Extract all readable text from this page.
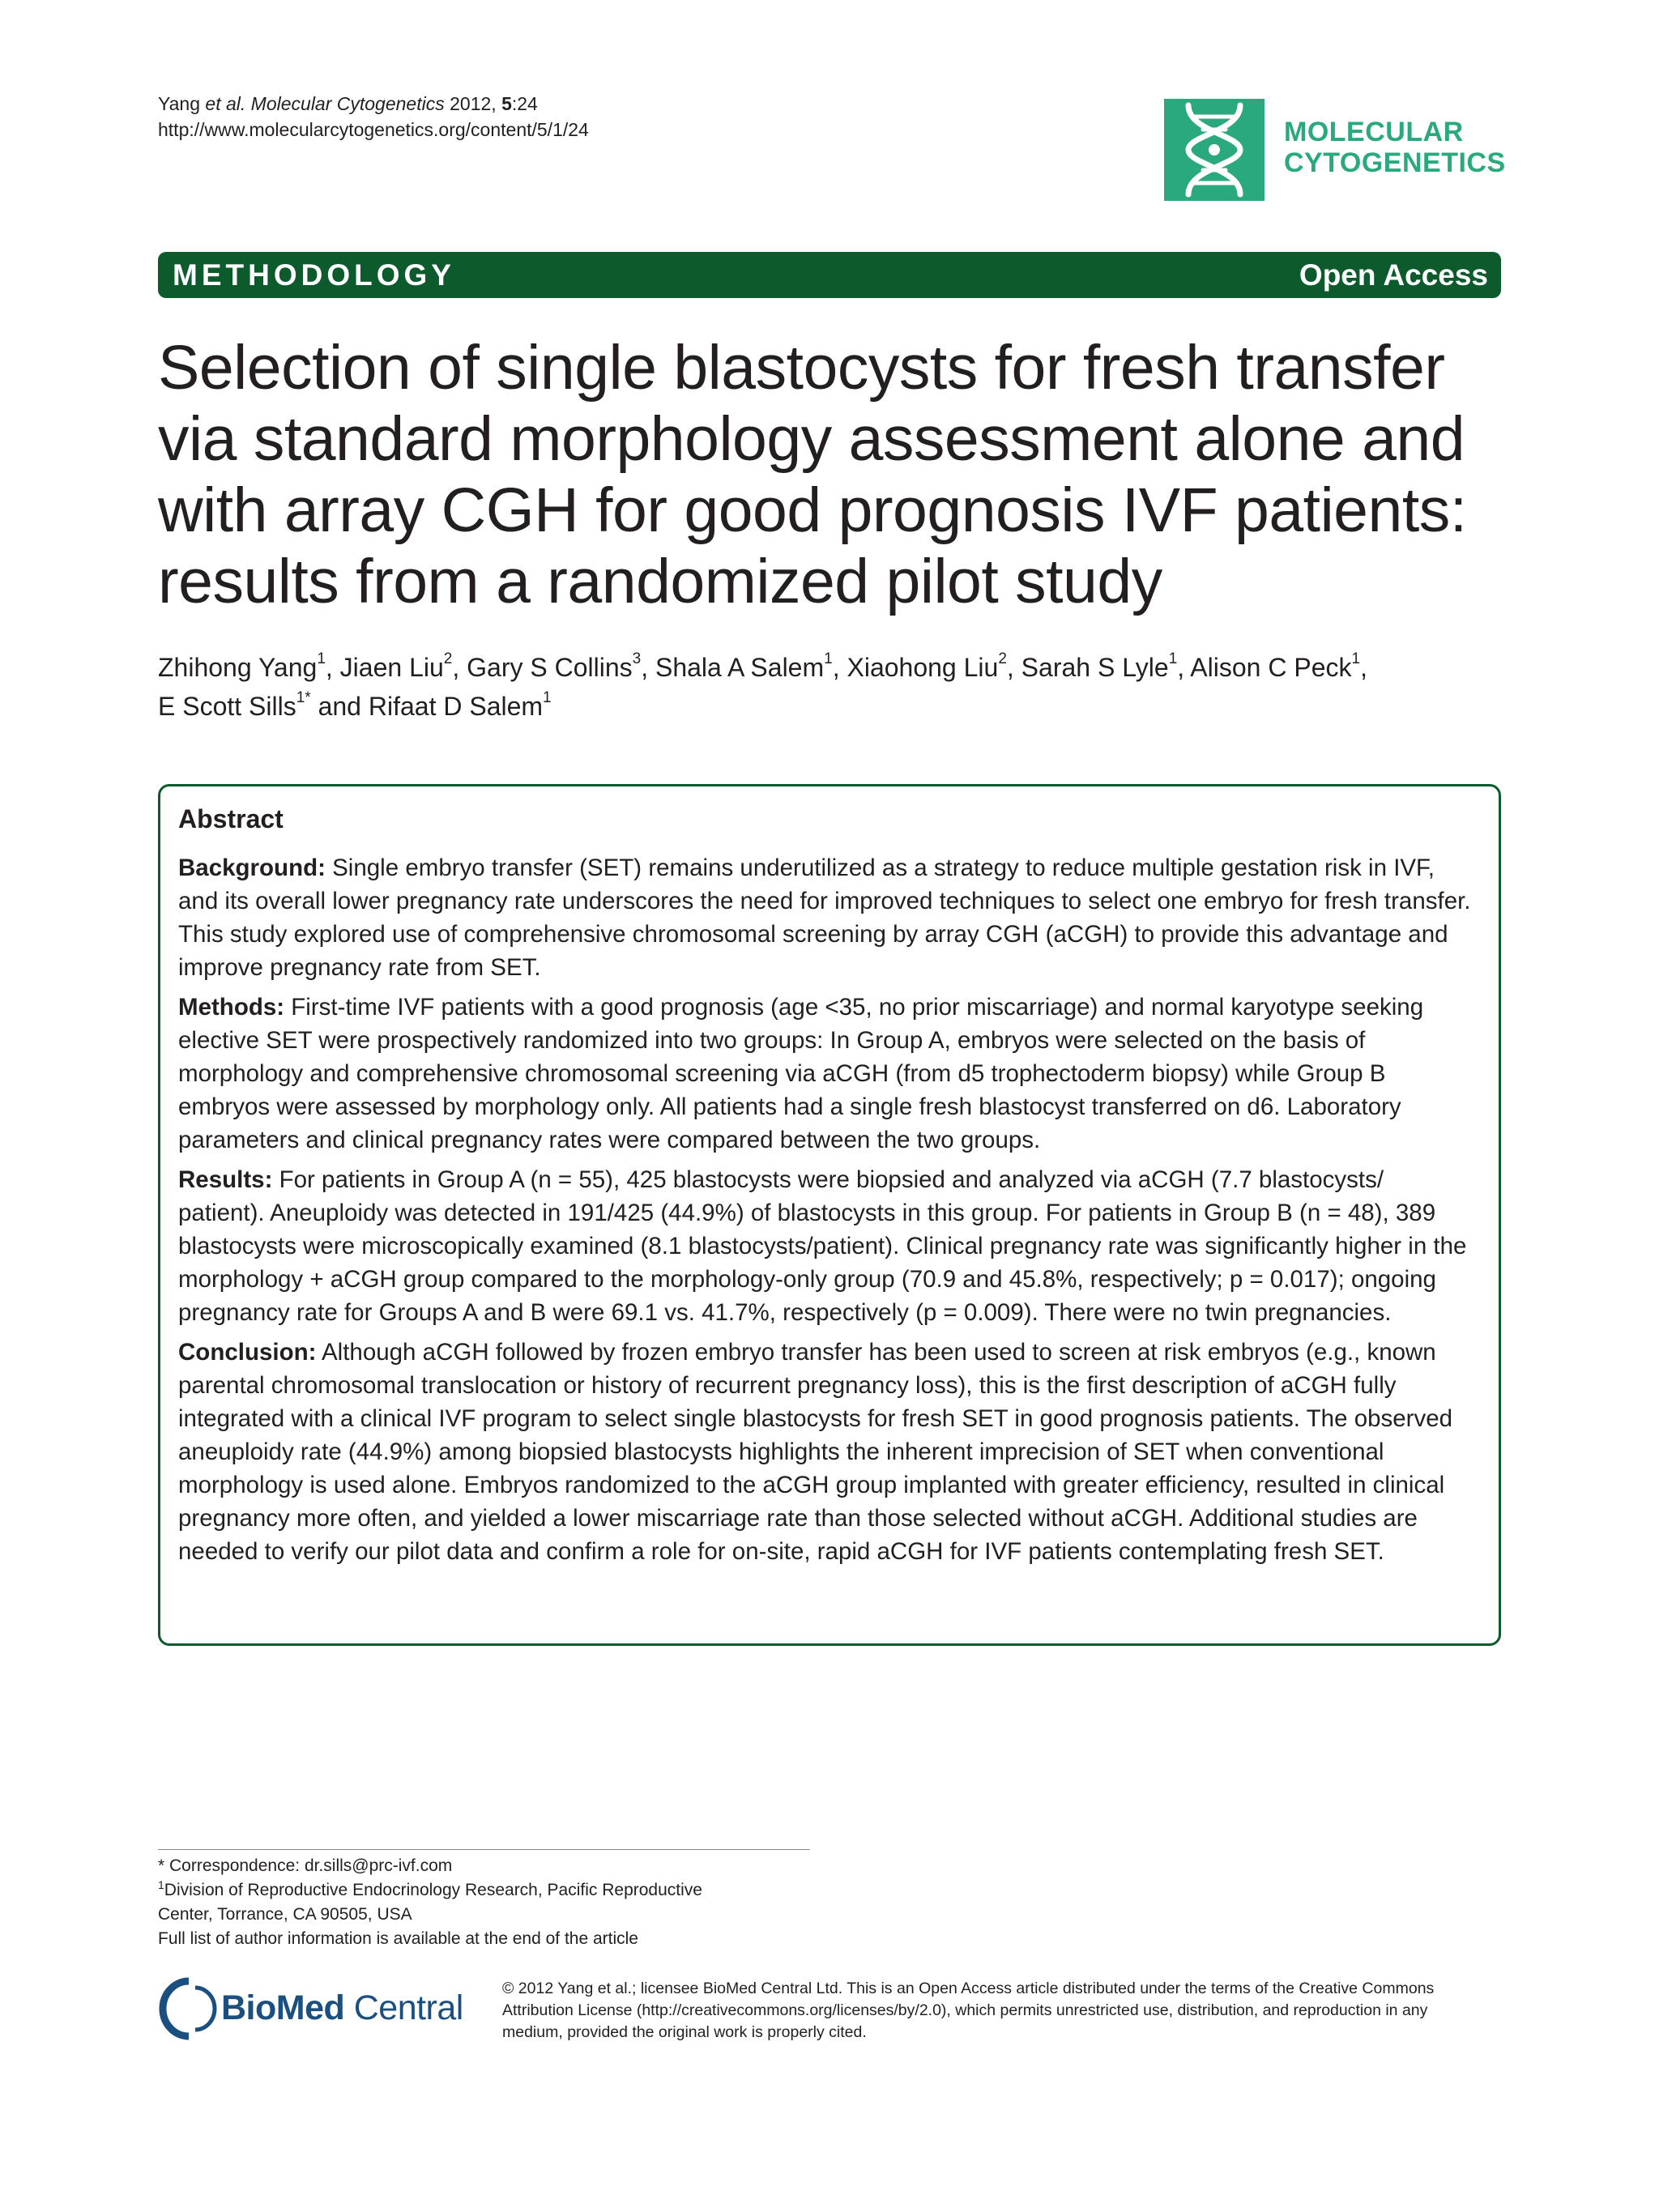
Yang et al. Molecular Cytogenetics 2012, 5:24
http://www.molecularcytogenetics.org/content/5/1/24	MOLECULAR
CYTOGENETICS
METHODOLOGY	Open Access
Selection of single blastocysts for fresh transfer via standard morphology assessment alone and with array CGH for good prognosis IVF patients: results from a randomized pilot study
Zhihong Yang$^1$, Jiaen Liu$^2$, Gary S Collins$^3$, Shala A Salem$^1$, Xiaohong Liu$^2$, Sarah S Lyle$^1$, Alison C Peck$^1$,
E Scott Sills$^{1*}$ and Rifaat D Salem$^1$
Abstract

Background: Single embryo transfer (SET) remains underutilized as a strategy to reduce multiple gestation risk in IVF, and its overall lower pregnancy rate underscores the need for improved techniques to select one embryo for fresh transfer. This study explored use of comprehensive chromosomal screening by array CGH (aCGH) to provide this advantage and improve pregnancy rate from SET.

Methods: First-time IVF patients with a good prognosis (age <35, no prior miscarriage) and normal karyotype seeking elective SET were prospectively randomized into two groups: In Group A, embryos were selected on the basis of morphology and comprehensive chromosomal screening via aCGH (from d5 trophectoderm biopsy) while Group B embryos were assessed by morphology only. All patients had a single fresh blastocyst transferred on d6. Laboratory parameters and clinical pregnancy rates were compared between the two groups.

Results: For patients in Group A (n = 55), 425 blastocysts were biopsied and analyzed via aCGH (7.7 blastocysts/ patient). Aneuploidy was detected in 191/425 (44.9%) of blastocysts in this group. For patients in Group B (n = 48), 389 blastocysts were microscopically examined (8.1 blastocysts/patient). Clinical pregnancy rate was significantly higher in the morphology + aCGH group compared to the morphology-only group (70.9 and 45.8%, respectively; p = 0.017); ongoing pregnancy rate for Groups A and B were 69.1 vs. 41.7%, respectively (p = 0.009). There were no twin pregnancies.

Conclusion: Although aCGH followed by frozen embryo transfer has been used to screen at risk embryos (e.g., known parental chromosomal translocation or history of recurrent pregnancy loss), this is the first description of aCGH fully integrated with a clinical IVF program to select single blastocysts for fresh SET in good prognosis patients. The observed aneuploidy rate (44.9%) among biopsied blastocysts highlights the inherent imprecision of SET when conventional morphology is used alone. Embryos randomized to the aCGH group implanted with greater efficiency, resulted in clinical pregnancy more often, and yielded a lower miscarriage rate than those selected without aCGH. Additional studies are needed to verify our pilot data and confirm a role for on-site, rapid aCGH for IVF patients contemplating fresh SET.

* Correspondence: dr.sills@prc-ivf.com
$^1$Division of Reproductive Endocrinology Research, Pacific Reproductive
Center, Torrance, CA 90505, USA
Full list of author information is available at the end of the article
BioMed Central © 2012 Yang et al.; licensee BioMed Central Ltd. This is an Open Access article distributed under the terms of the Creative Commons Attribution License (http://creativecommons.org/licenses/by/2.0), which permits unrestricted use, distribution, and reproduction in any medium, provided the original work is properly cited.
